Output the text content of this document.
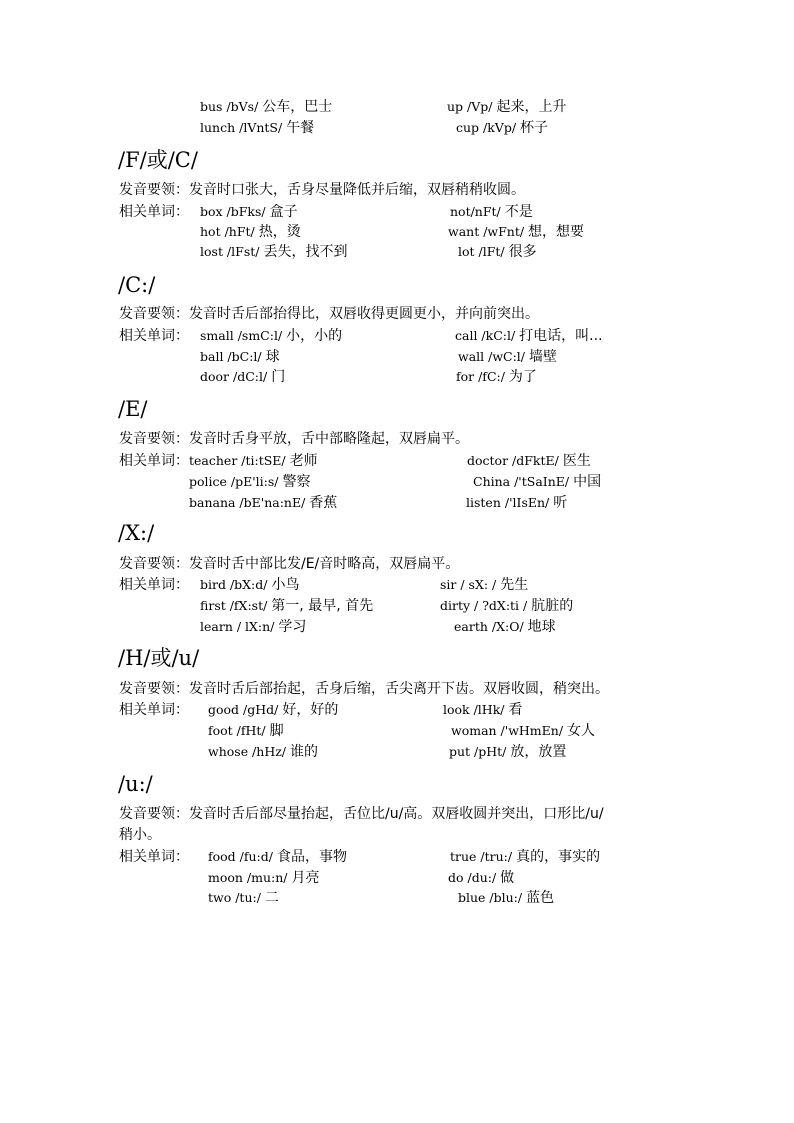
bus /bVs/ 公车，巴士	up /Vp/ 起来，上升
lunch /lVntS/ 午餐	cup /kVp/ 杯子
/F/或/C/
发音要领：发音时口张大，舌身尽量降低并后缩，双唇稍稍收圆。
相关单词： box /bFks/ 盒子	not/nFt/ 不是
hot /hFt/ 热，烫	want /wFnt/ 想，想要
lost /lFst/ 丢失，找不到	lot /lFt/ 很多
/C:/
发音要领：发音时舌后部抬得比，双唇收得更圆更小，并向前突出。
相关单词： small /smC:l/ 小，小的	call /kC:l/ 打电话，叫...
ball /bC:l/ 球	wall /wC:l/ 墙壁
door /dC:l/ 门	for /fC:/ 为了
/E/
发音要领：发音时舌身平放，舌中部略隆起，双唇扁平。
相关单词： teacher /ti:tSE/ 老师	doctor /dFktE/ 医生
police /pE'li:s/ 警察	China /'tSaInE/ 中国
banana /bE'na:nE/ 香蕉	listen /'lIsEn/ 听
/X:/
发音要领：发音时舌中部比发/E/音时略高，双唇扁平。
相关单词： bird /bX:d/ 小鸟	sir / sX: / 先生
first /fX:st/ 第一, 最早, 首先	dirty / ?dX:ti / 肮脏的
learn / lX:n/ 学习	earth /X:O/ 地球
/H/或/u/
发音要领：发音时舌后部抬起，舌身后缩，舌尖离开下齿。双唇收圆，稍突出。
相关单词： good /gHd/ 好，好的	look /lHk/ 看
foot /fHt/ 脚	woman /'wHmEn/ 女人
whose /hHz/ 谁的	put /pHt/ 放，放置
/u:/
发音要领：发音时舌后部尽量抬起，舌位比/u/高。双唇收圆并突出，口形比/u/
稍小。
相关单词： food /fu:d/ 食品，事物	true /tru:/ 真的，事实的
moon /mu:n/ 月亮	do /du:/ 做
two /tu:/ 二	blue /blu:/ 蓝色
